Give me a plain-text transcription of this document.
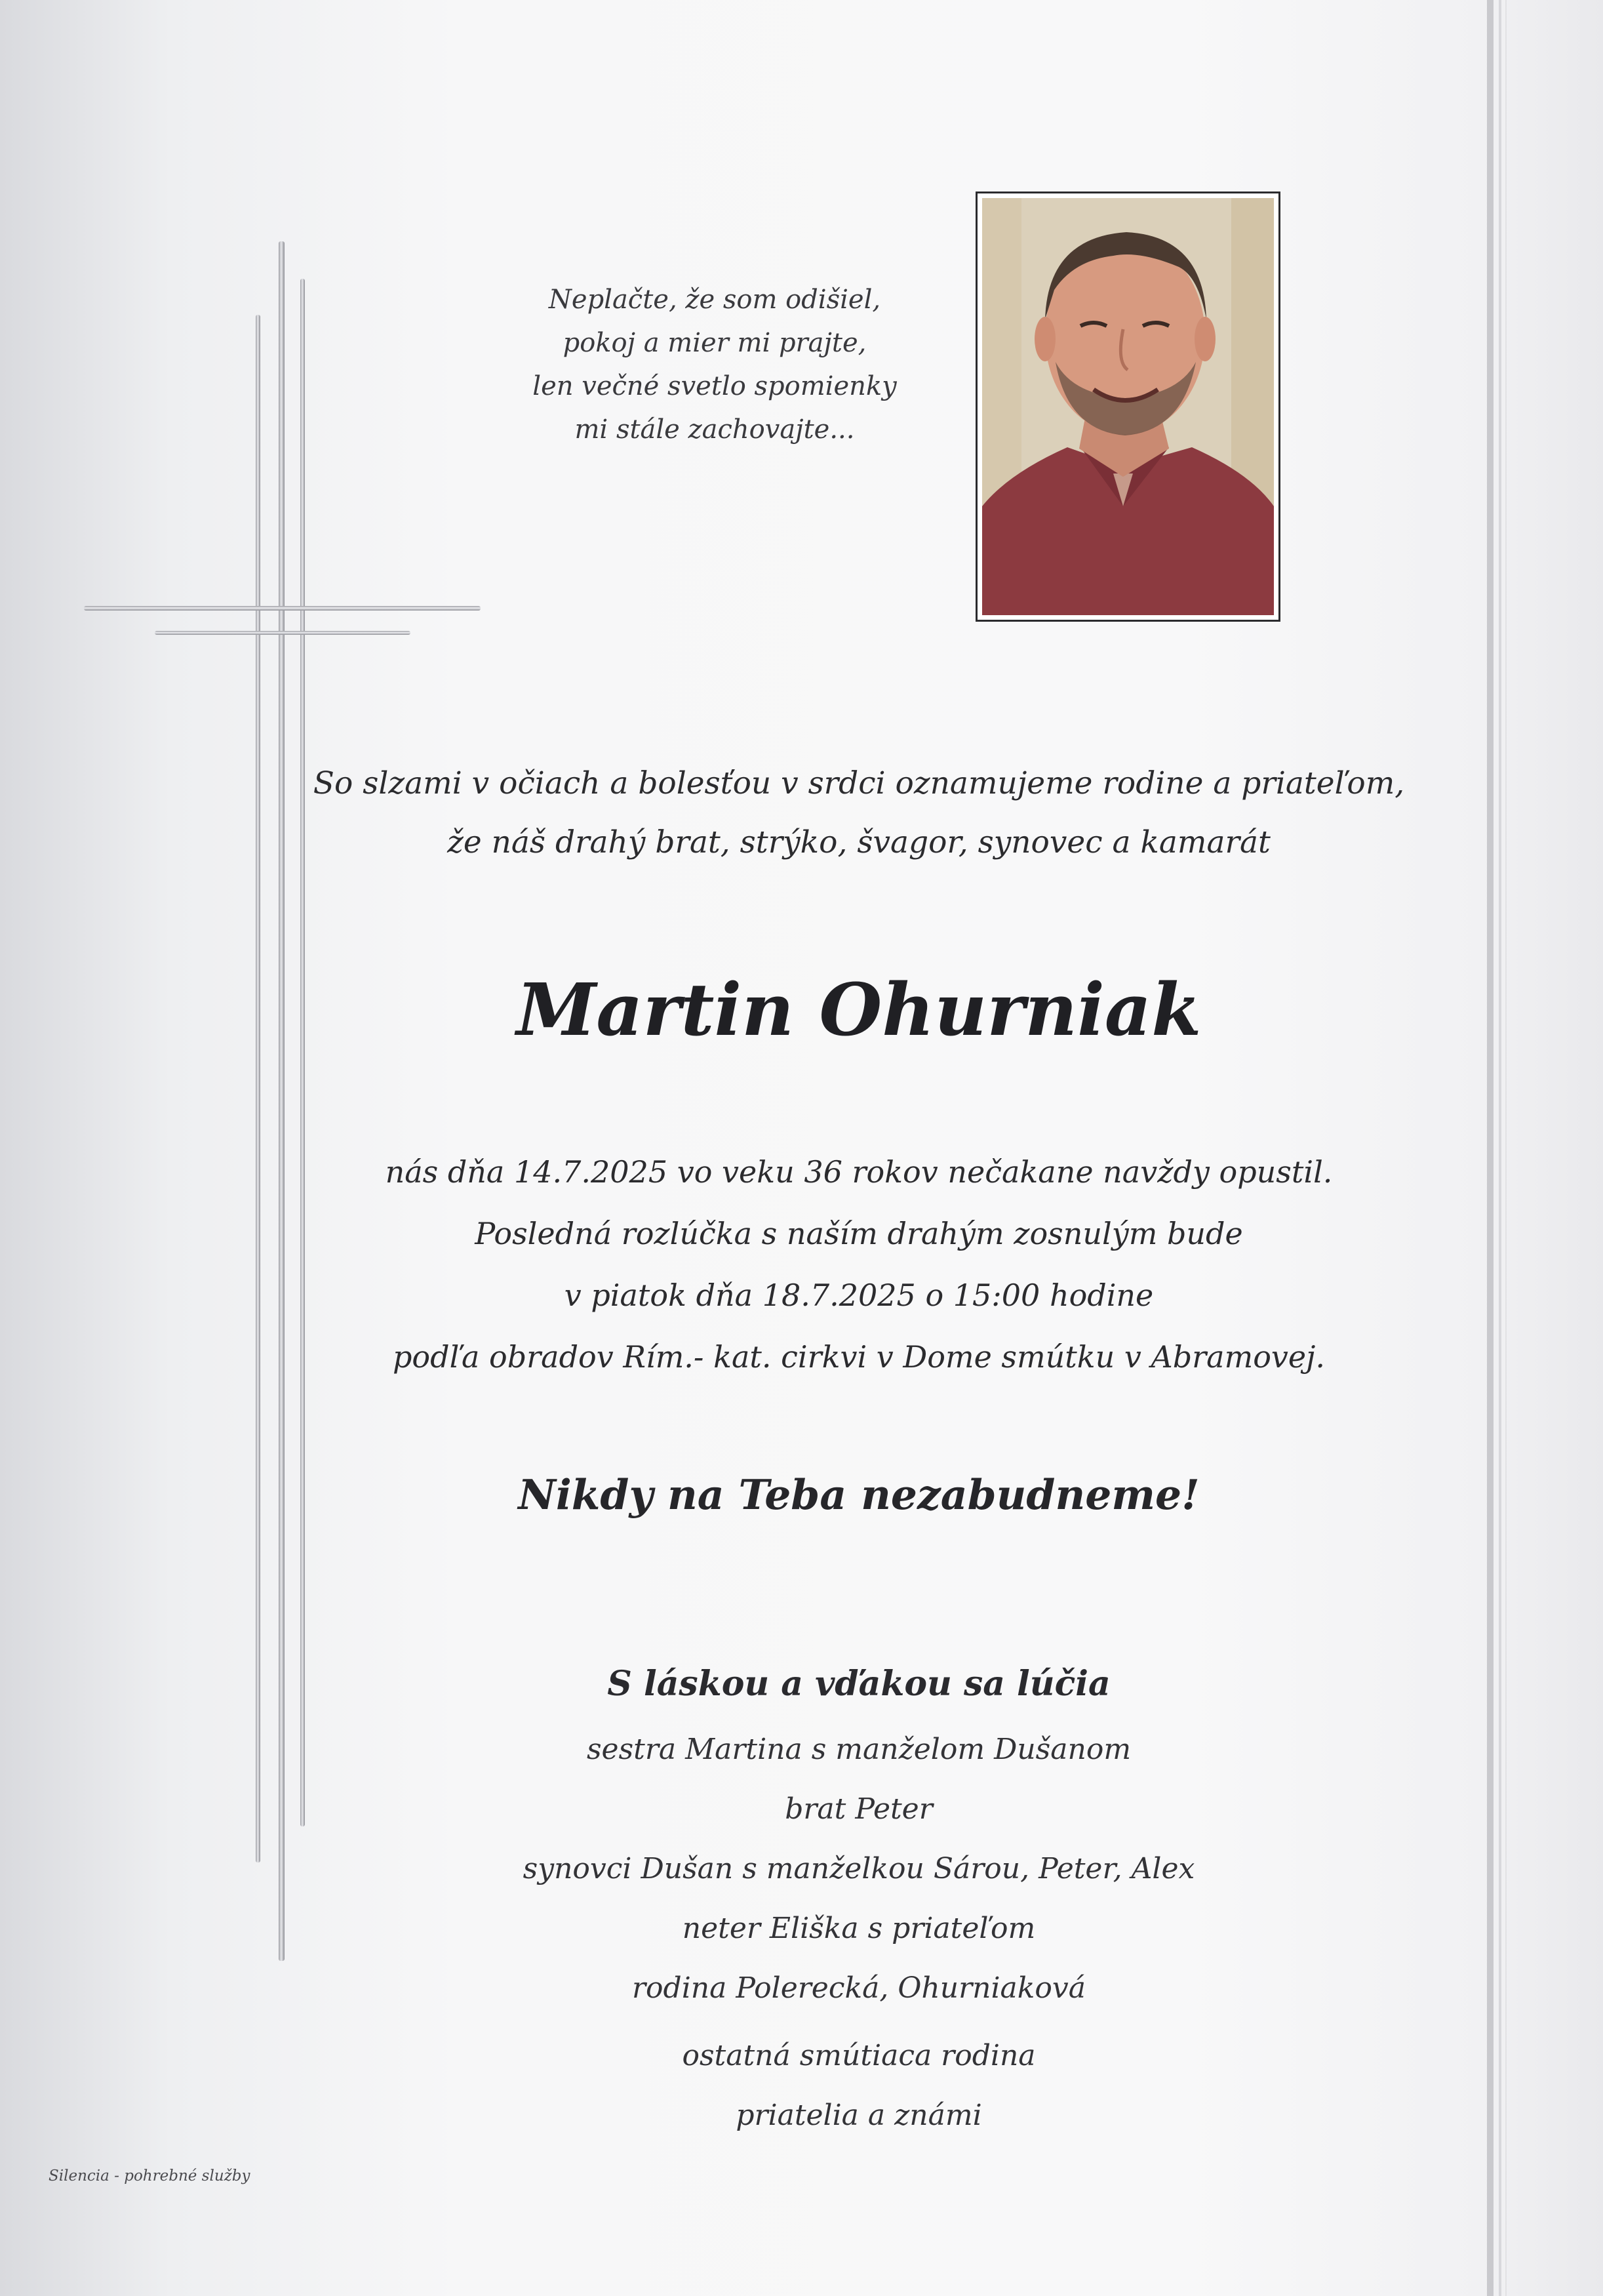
Neplačte, že som odišiel,
pokoj a mier mi prajte,
len večné svetlo spomienky
mi stále zachovajte...
So slzami v očiach a bolesťou v srdci oznamujeme rodine a priateľom,
že náš drahý brat, strýko, švagor, synovec a kamarát
Martin Ohurniak
nás dňa 14.7.2025 vo veku 36 rokov nečakane navždy opustil.
Posledná rozlúčka s naším drahým zosnulým bude
v piatok dňa 18.7.2025 o 15:00 hodine
podľa obradov Rím.- kat. cirkvi v Dome smútku v Abramovej.
Nikdy na Teba nezabudneme!
S láskou a vďakou sa lúčia
sestra Martina s manželom Dušanom
brat Peter
synovci Dušan s manželkou Sárou, Peter, Alex
neter Eliška s priateľom
rodina Polerecká, Ohurniaková
ostatná smútiaca rodina
priatelia a známi
Silencia - pohrebné služby
